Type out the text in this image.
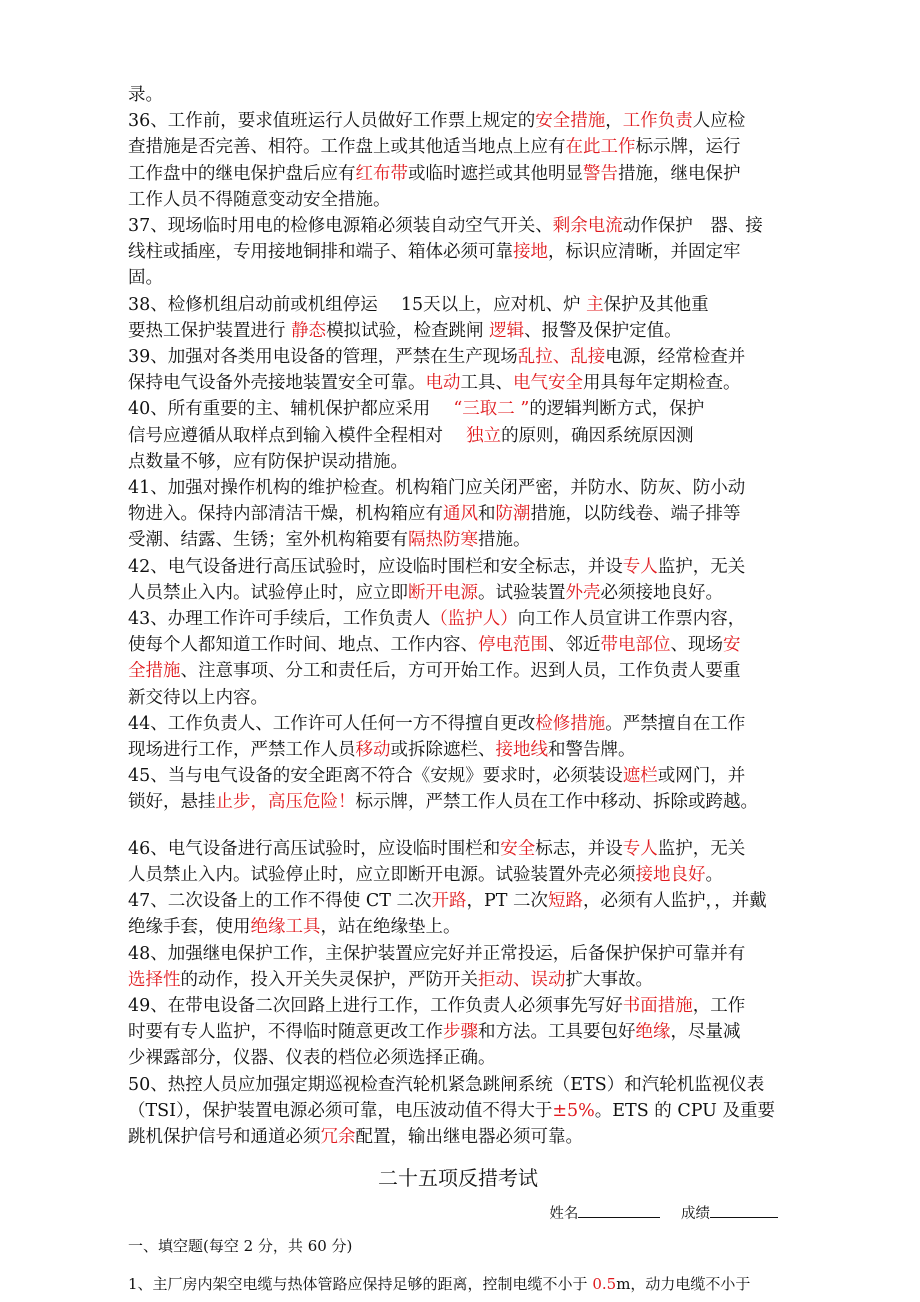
录。
36、工作前，要求值班运行人员做好工作票上规定的安全措施，工作负责人应检
查措施是否完善、相符。工作盘上或其他适当地点上应有在此工作标示牌，运行
工作盘中的继电保护盘后应有红布带或临时遮拦或其他明显警告措施，继电保护
工作人员不得随意变动安全措施。
37、现场临时用电的检修电源箱必须装自动空气开关、剩余电流动作保护　器、接
线柱或插座，专用接地铜排和端子、箱体必须可靠接地，标识应清晰，并固定牢
固。
38、检修机组启动前或机组停运　 15天以上，应对机、炉 主保护及其他重
要热工保护装置进行 静态模拟试验，检查跳闸 逻辑、报警及保护定值。
39、加强对各类用电设备的管理，严禁在生产现场乱拉、乱接电源，经常检查并
保持电气设备外壳接地装置安全可靠。电动工具、电气安全用具每年定期检查。
40、所有重要的主、辅机保护都应采用　 “三取二 ”的逻辑判断方式，保护
信号应遵循从取样点到输入模件全程相对　 独立的原则，确因系统原因测
点数量不够，应有防保护误动措施。
41、加强对操作机构的维护检查。机构箱门应关闭严密，并防水、防灰、防小动
物进入。保持内部清洁干燥，机构箱应有通风和防潮措施，以防线卷、端子排等
受潮、结露、生锈；室外机构箱要有隔热防寒措施。
42、电气设备进行高压试验时，应设临时围栏和安全标志，并设专人监护，无关
人员禁止入内。试验停止时，应立即断开电源。试验装置外壳必须接地良好。
43、办理工作许可手续后，工作负责人（监护人）向工作人员宣讲工作票内容，
使每个人都知道工作时间、地点、工作内容、停电范围、邻近带电部位、现场安
全措施、注意事项、分工和责任后，方可开始工作。迟到人员，工作负责人要重
新交待以上内容。
44、工作负责人、工作许可人任何一方不得擅自更改检修措施。严禁擅自在工作
现场进行工作，严禁工作人员移动或拆除遮栏、接地线和警告牌。
45、当与电气设备的安全距离不符合《安规》要求时，必须装设遮栏或网门，并
锁好，悬挂止步，高压危险！标示牌，严禁工作人员在工作中移动、拆除或跨越。
46、电气设备进行高压试验时，应设临时围栏和安全标志，并设专人监护，无关
人员禁止入内。试验停止时，应立即断开电源。试验装置外壳必须接地良好。
47、二次设备上的工作不得使 CT 二次开路，PT 二次短路，必须有人监护，，并戴
绝缘手套，使用绝缘工具，站在绝缘垫上。
48、加强继电保护工作，主保护装置应完好并正常投运，后备保护保护可靠并有
选择性的动作，投入开关失灵保护，严防开关拒动、误动扩大事故。
49、在带电设备二次回路上进行工作，工作负责人必须事先写好书面措施，工作
时要有专人监护，不得临时随意更改工作步骤和方法。工具要包好绝缘，尽量减
少裸露部分，仪器、仪表的档位必须选择正确。
50、热控人员应加强定期巡视检查汽轮机紧急跳闸系统（ETS）和汽轮机监视仪表
（TSI），保护装置电源必须可靠，电压波动值不得大于±5%。ETS 的 CPU 及重要
跳机保护信号和通道必须冗余配置，输出继电器必须可靠。
二十五项反措考试
姓名	成绩
一、填空题(每空 2 分，共 60 分)
1、主厂房内架空电缆与热体管路应保持足够的距离，控制电缆不小于 0.5m，动力电缆不小于
